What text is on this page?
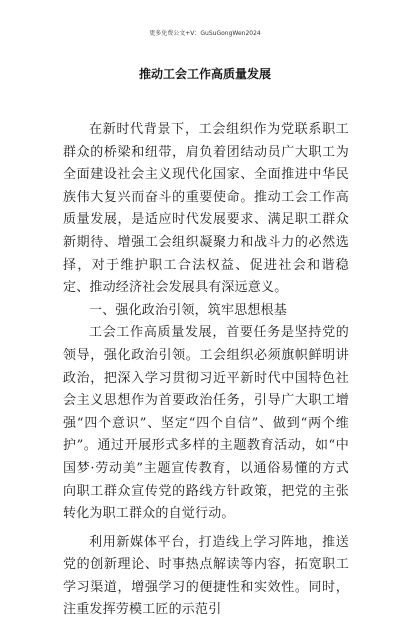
更多免费公文+V：GuSuGongWen2024
推动工会工作高质量发展

在新时代背景下，工会组织作为党联系职工群众的桥梁和纽带，肩负着团结动员广大职工为全面建设社会主义现代化国家、全面推进中华民族伟大复兴而奋斗的重要使命。推动工会工作高质量发展，是适应时代发展要求、满足职工群众新期待、增强工会组织凝聚力和战斗力的必然选择，对于维护职工合法权益、促进社会和谐稳定、推动经济社会发展具有深远意义。

一、强化政治引领，筑牢思想根基

工会工作高质量发展，首要任务是坚持党的领导，强化政治引领。工会组织必须旗帜鲜明讲政治，把深入学习贯彻习近平新时代中国特色社会主义思想作为首要政治任务，引导广大职工增强“四个意识”、坚定“四个自信”、做到“两个维护”。通过开展形式多样的主题教育活动，如“中国梦·劳动美”主题宣传教育，以通俗易懂的方式向职工群众宣传党的路线方针政策，把党的主张转化为职工群众的自觉行动。

利用新媒体平台，打造线上学习阵地，推送党的创新理论、时事热点解读等内容，拓宽职工学习渠道，增强学习的便捷性和实效性。同时，注重发挥劳模工匠的示范引
